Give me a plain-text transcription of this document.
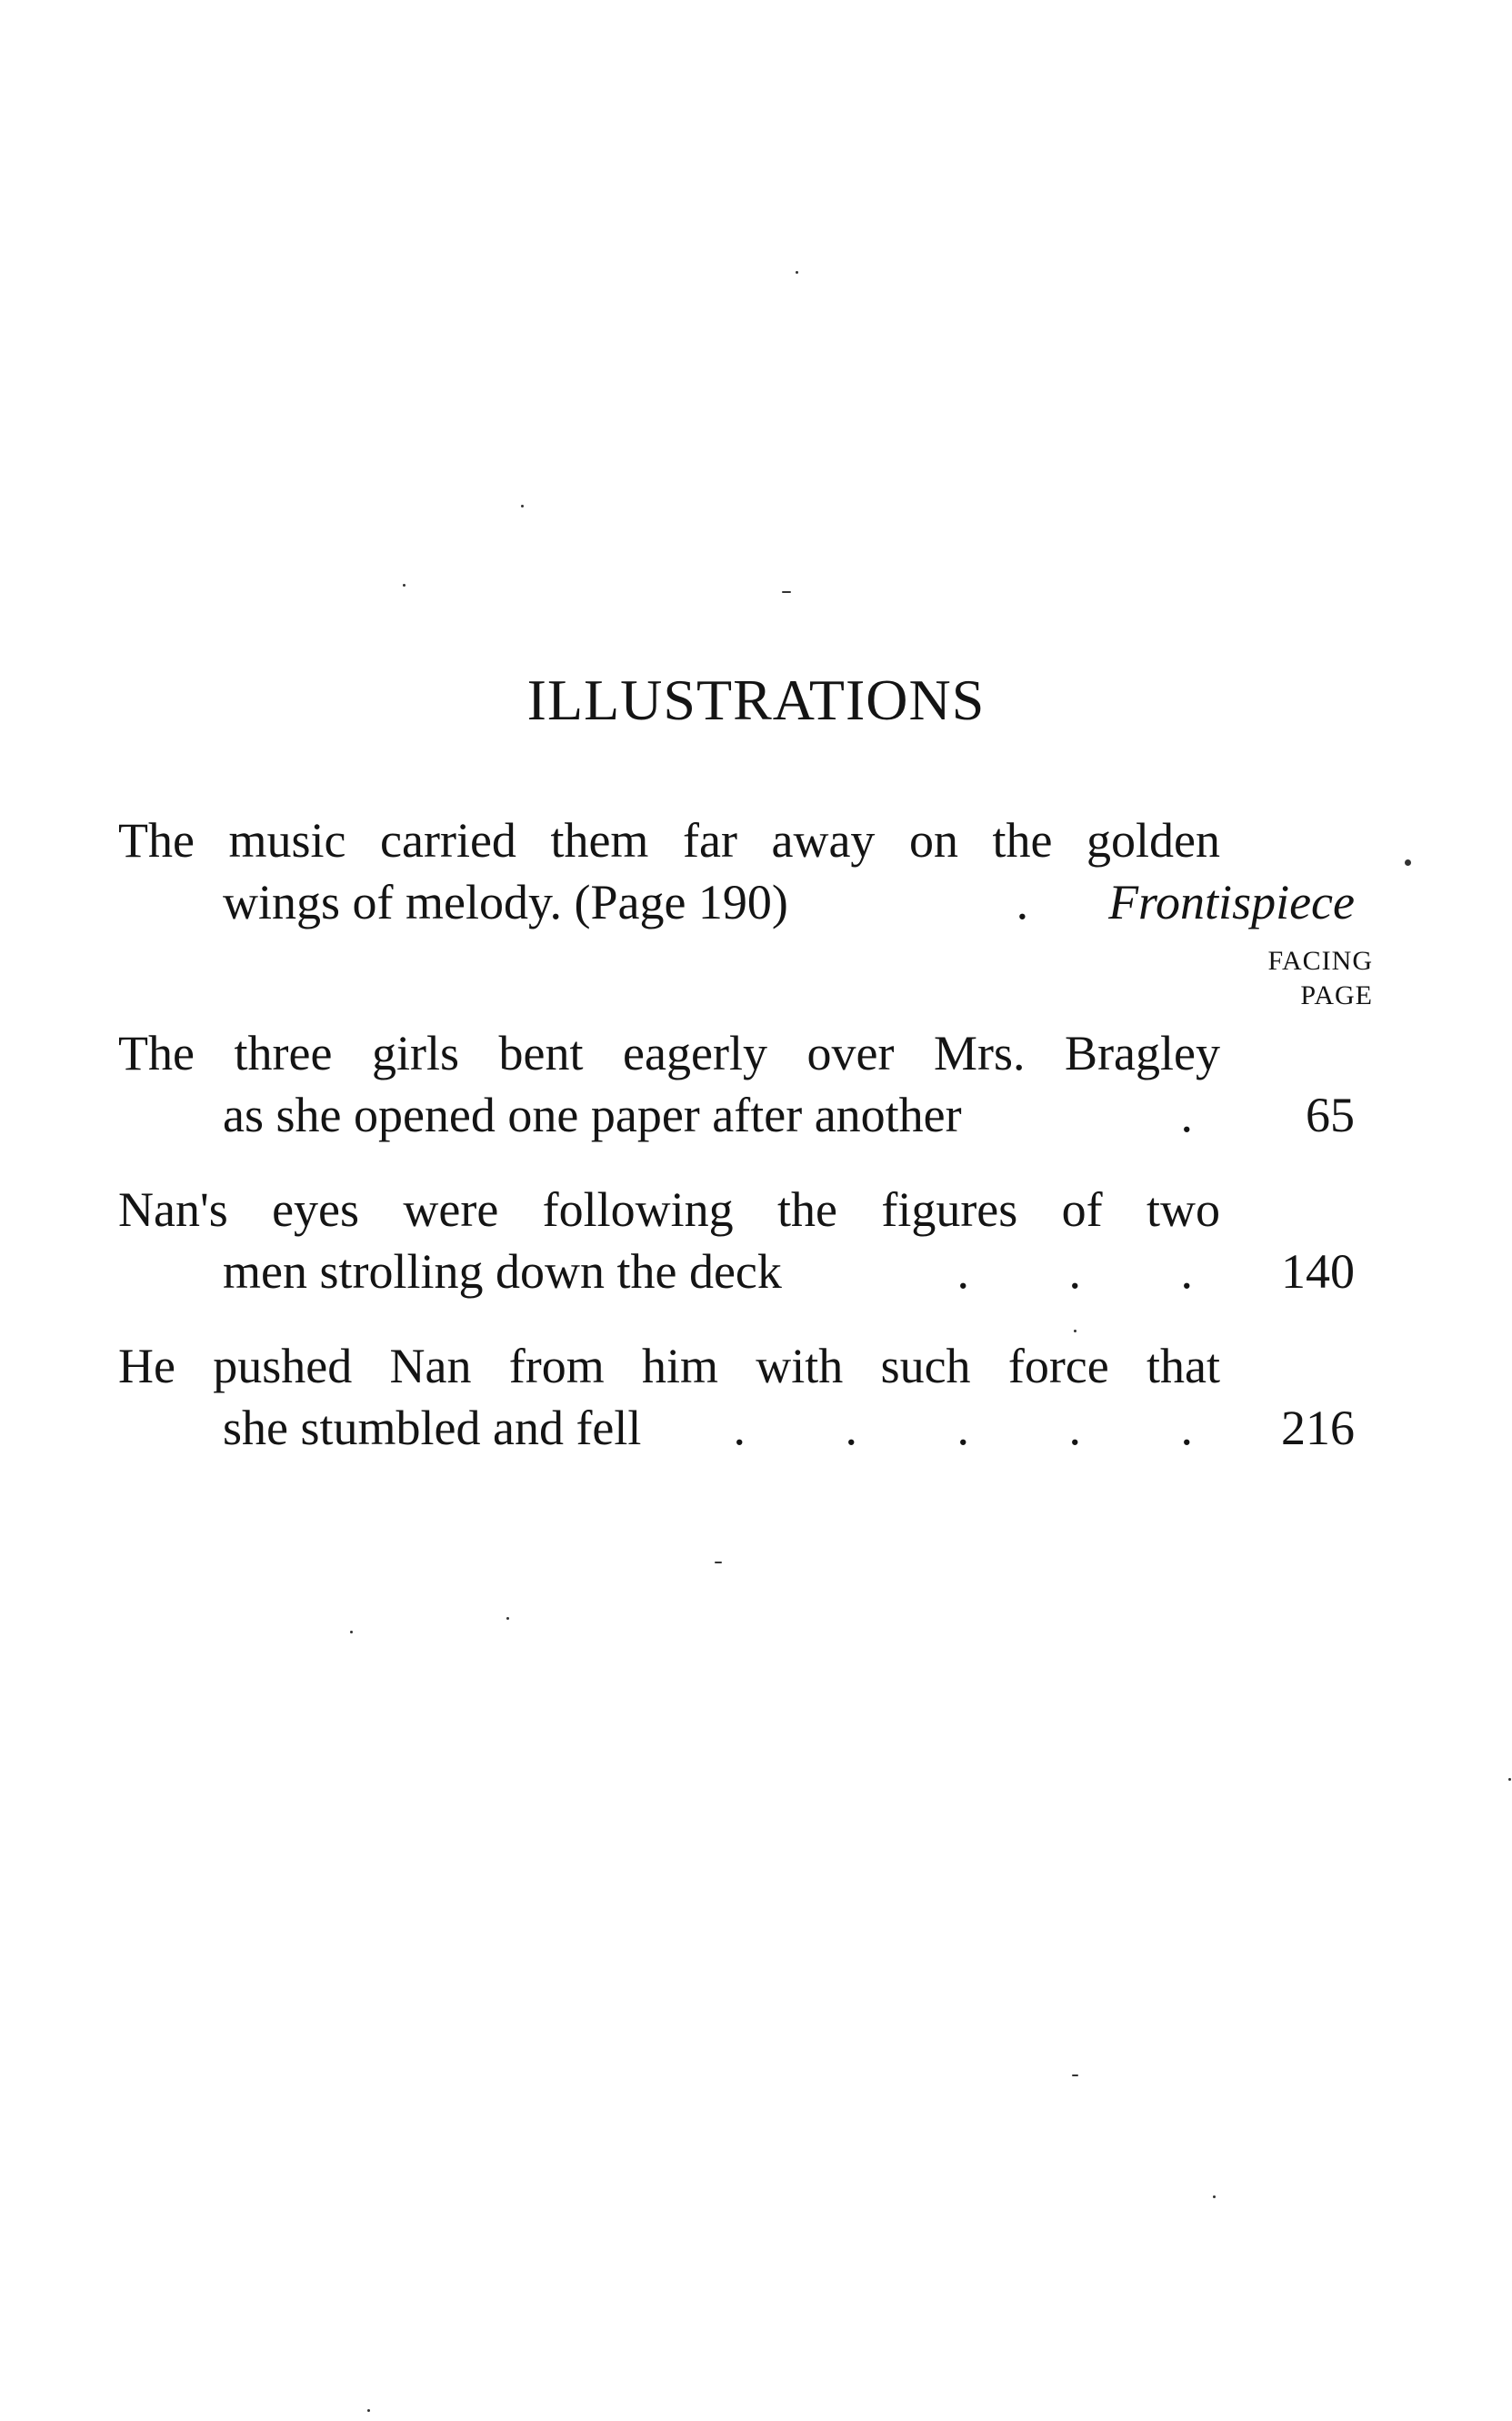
ILLUSTRATIONS
The music carried them far away on the golden
wings of melody. (Page 190)	. Frontispiece
FACING
PAGE
The three girls bent eagerly over Mrs. Bragley
as she opened one paper after another	.	65
Nan's eyes were following the figures of two
men strolling down the deck	. . . 140
He pushed Nan from him with such force that
she stumbled and fell	. . . . . 216
